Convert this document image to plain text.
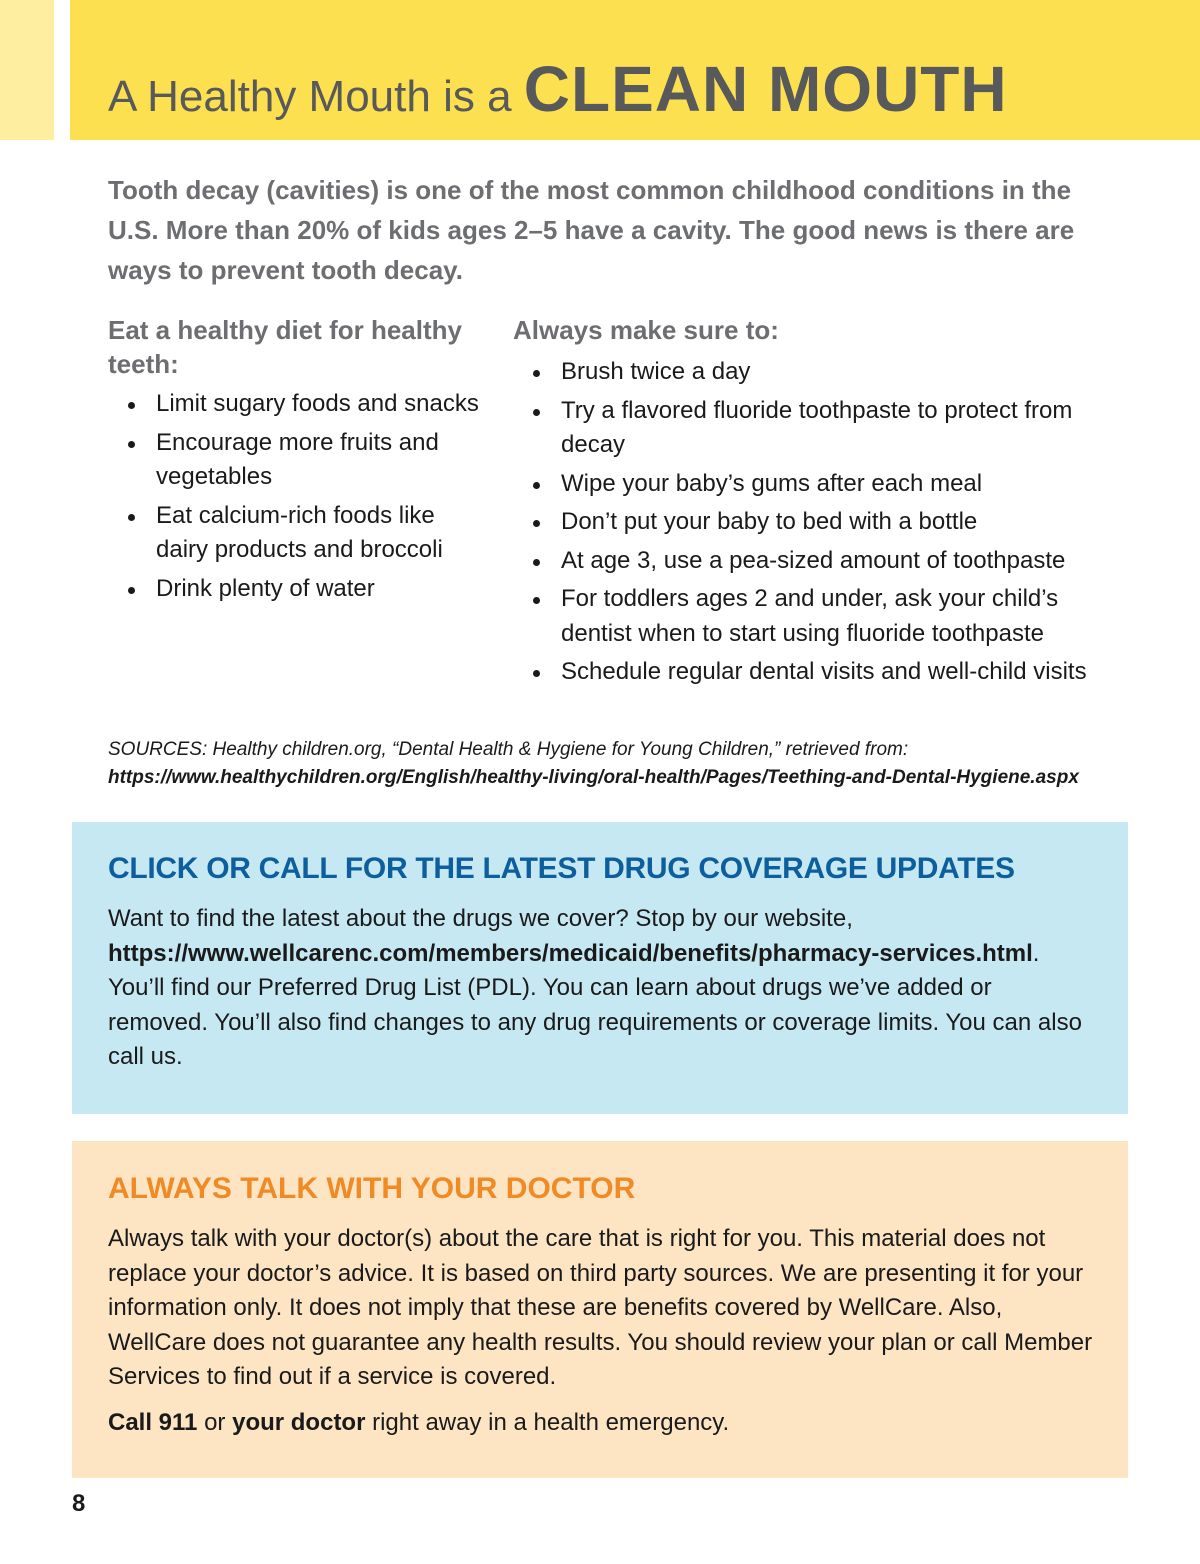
A Healthy Mouth is a CLEAN MOUTH

Tooth decay (cavities) is one of the most common childhood conditions in the U.S. More than 20% of kids ages 2–5 have a cavity. The good news is there are ways to prevent tooth decay.

Eat a healthy diet for healthy teeth:
Limit sugary foods and snacks
Encourage more fruits and vegetables
Eat calcium-rich foods like dairy products and broccoli
Drink plenty of water
Always make sure to:
Brush twice a day
Try a flavored fluoride toothpaste to protect from decay
Wipe your baby’s gums after each meal
Don’t put your baby to bed with a bottle
At age 3, use a pea-sized amount of toothpaste
For toddlers ages 2 and under, ask your child’s dentist when to start using fluoride toothpaste
Schedule regular dental visits and well-child visits

SOURCES: Healthy children.org, “Dental Health & Hygiene for Young Children,” retrieved from: https://www.healthychildren.org/English/healthy-living/oral-health/Pages/Teething-and-Dental-Hygiene.aspx

CLICK OR CALL FOR THE LATEST DRUG COVERAGE UPDATES

Want to find the latest about the drugs we cover? Stop by our website, https://www.wellcarenc.com/members/medicaid/benefits/pharmacy-services.html. You’ll find our Preferred Drug List (PDL). You can learn about drugs we’ve added or removed. You’ll also find changes to any drug requirements or coverage limits. You can also call us.

ALWAYS TALK WITH YOUR DOCTOR

Always talk with your doctor(s) about the care that is right for you. This material does not replace your doctor’s advice. It is based on third party sources. We are presenting it for your information only. It does not imply that these are benefits covered by WellCare. Also, WellCare does not guarantee any health results. You should review your plan or call Member Services to find out if a service is covered.

Call 911 or your doctor right away in a health emergency.

8
